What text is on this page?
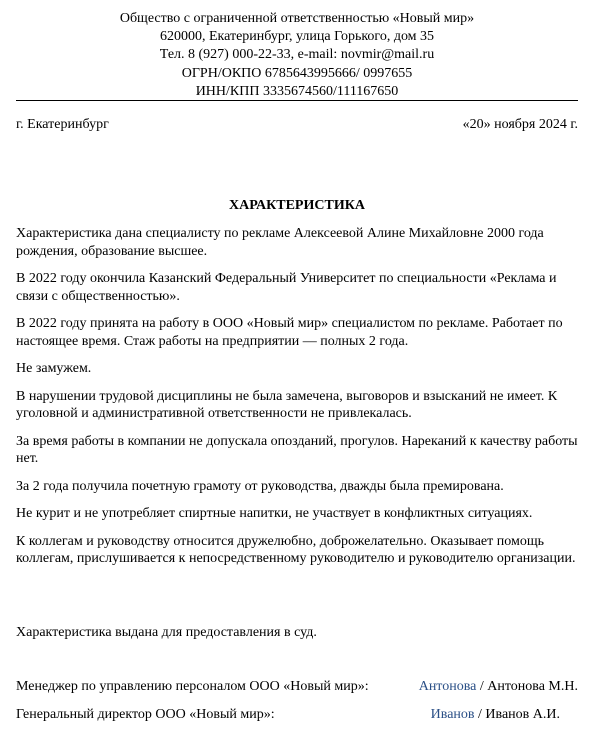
Общество с ограниченной ответственностью «Новый мир»
620000, Екатеринбург, улица Горького, дом 35
Тел. 8 (927) 000-22-33, e-mail: novmir@mail.ru
ОГРН/ОКПО 6785643995666/ 0997655
ИНН/КПП 3335674560/111167650
г. Екатеринбург	«20» ноября 2024 г.
ХАРАКТЕРИСТИКА

Характеристика дана специалисту по рекламе Алексеевой Алине Михайловне 2000 года рождения, образование высшее.

В 2022 году окончила Казанский Федеральный Университет по специальности «Реклама и связи с общественностью».

В 2022 году принята на работу в ООО «Новый мир» специалистом по рекламе. Работает по настоящее время. Стаж работы на предприятии — полных 2 года.

Не замужем.

В нарушении трудовой дисциплины не была замечена, выговоров и взысканий не имеет. К уголовной и административной ответственности не привлекалась.

За время работы в компании не допускала опозданий, прогулов. Нареканий к качеству работы нет.

За 2 года получила почетную грамоту от руководства, дважды была премирована.

Не курит и не употребляет спиртные напитки, не участвует в конфликтных ситуациях.

К коллегам и руководству относится дружелюбно, доброжелательно. Оказывает помощь коллегам, прислушивается к непосредственному руководителю и руководителю организации.

Характеристика выдана для предоставления в суд.
Менеджер по управлению персоналом ООО «Новый мир»:	Антонова / Антонова М.Н.
Генеральный директор ООО «Новый мир»:	Иванов / Иванов А.И.
